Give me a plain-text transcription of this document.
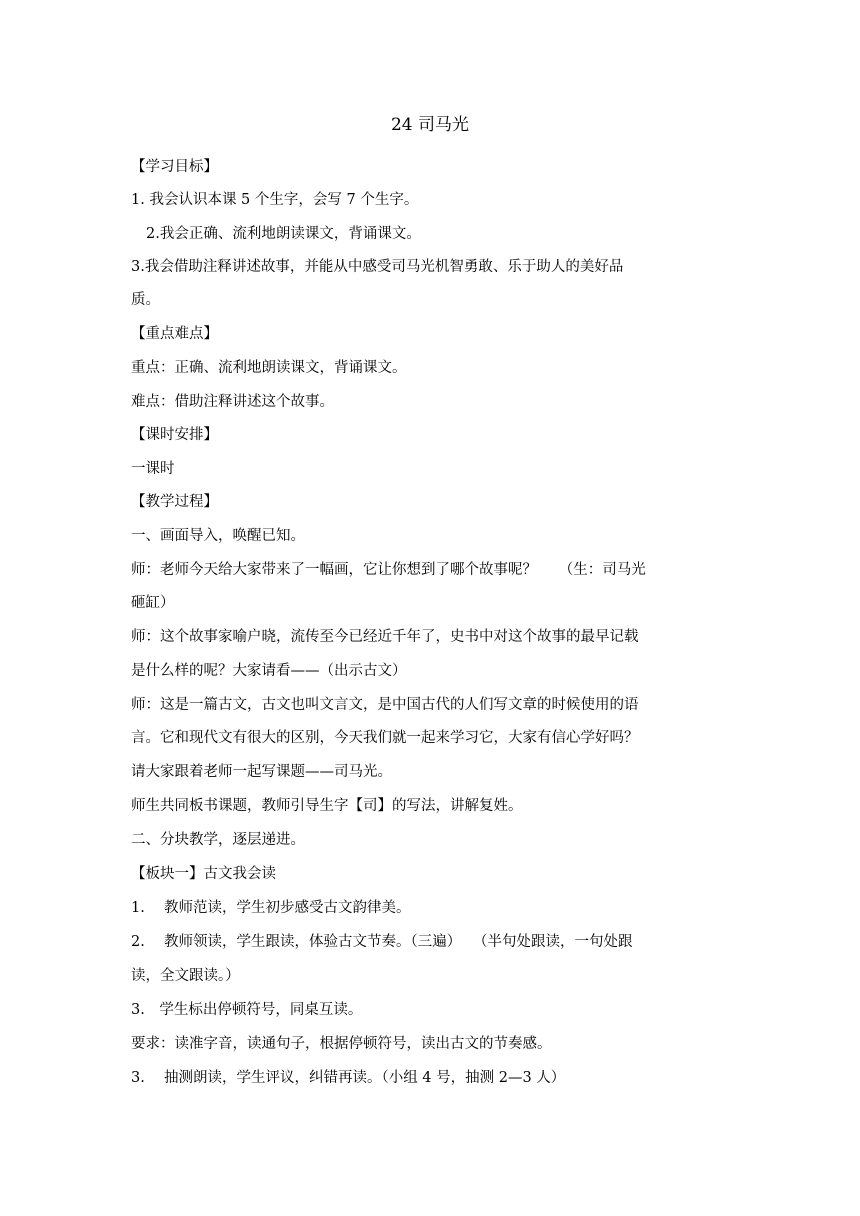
24 司马光
【学习目标】
1. 我会认识本课 5 个生字，会写 7 个生字。
2.我会正确、流利地朗读课文，背诵课文。
3.我会借助注释讲述故事，并能从中感受司马光机智勇敢、乐于助人的美好品
质。
【重点难点】
重点：正确、流利地朗读课文，背诵课文。
难点：借助注释讲述这个故事。
【课时安排】
一课时
【教学过程】
一、画面导入，唤醒已知。
师：老师今天给大家带来了一幅画，它让你想到了哪个故事呢？　　（生：司马光
砸缸）
师：这个故事家喻户晓，流传至今已经近千年了，史书中对这个故事的最早记载
是什么样的呢？大家请看——（出示古文）
师：这是一篇古文，古文也叫文言文，是中国古代的人们写文章的时候使用的语
言。它和现代文有很大的区别，今天我们就一起来学习它，大家有信心学好吗？
请大家跟着老师一起写课题——司马光。
师生共同板书课题，教师引导生字【司】的写法，讲解复姓。
二、分块教学，逐层递进。
【板块一】古文我会读
1.　 教师范读，学生初步感受古文韵律美。
2.　 教师领读，学生跟读，体验古文节奏。（三遍）　 （半句处跟读，一句处跟
读，全文跟读。）
3.　学生标出停顿符号，同桌互读。
要求：读准字音，读通句子，根据停顿符号，读出古文的节奏感。
3.　 抽测朗读，学生评议，纠错再读。（小组 4 号，抽测 2—3 人）
